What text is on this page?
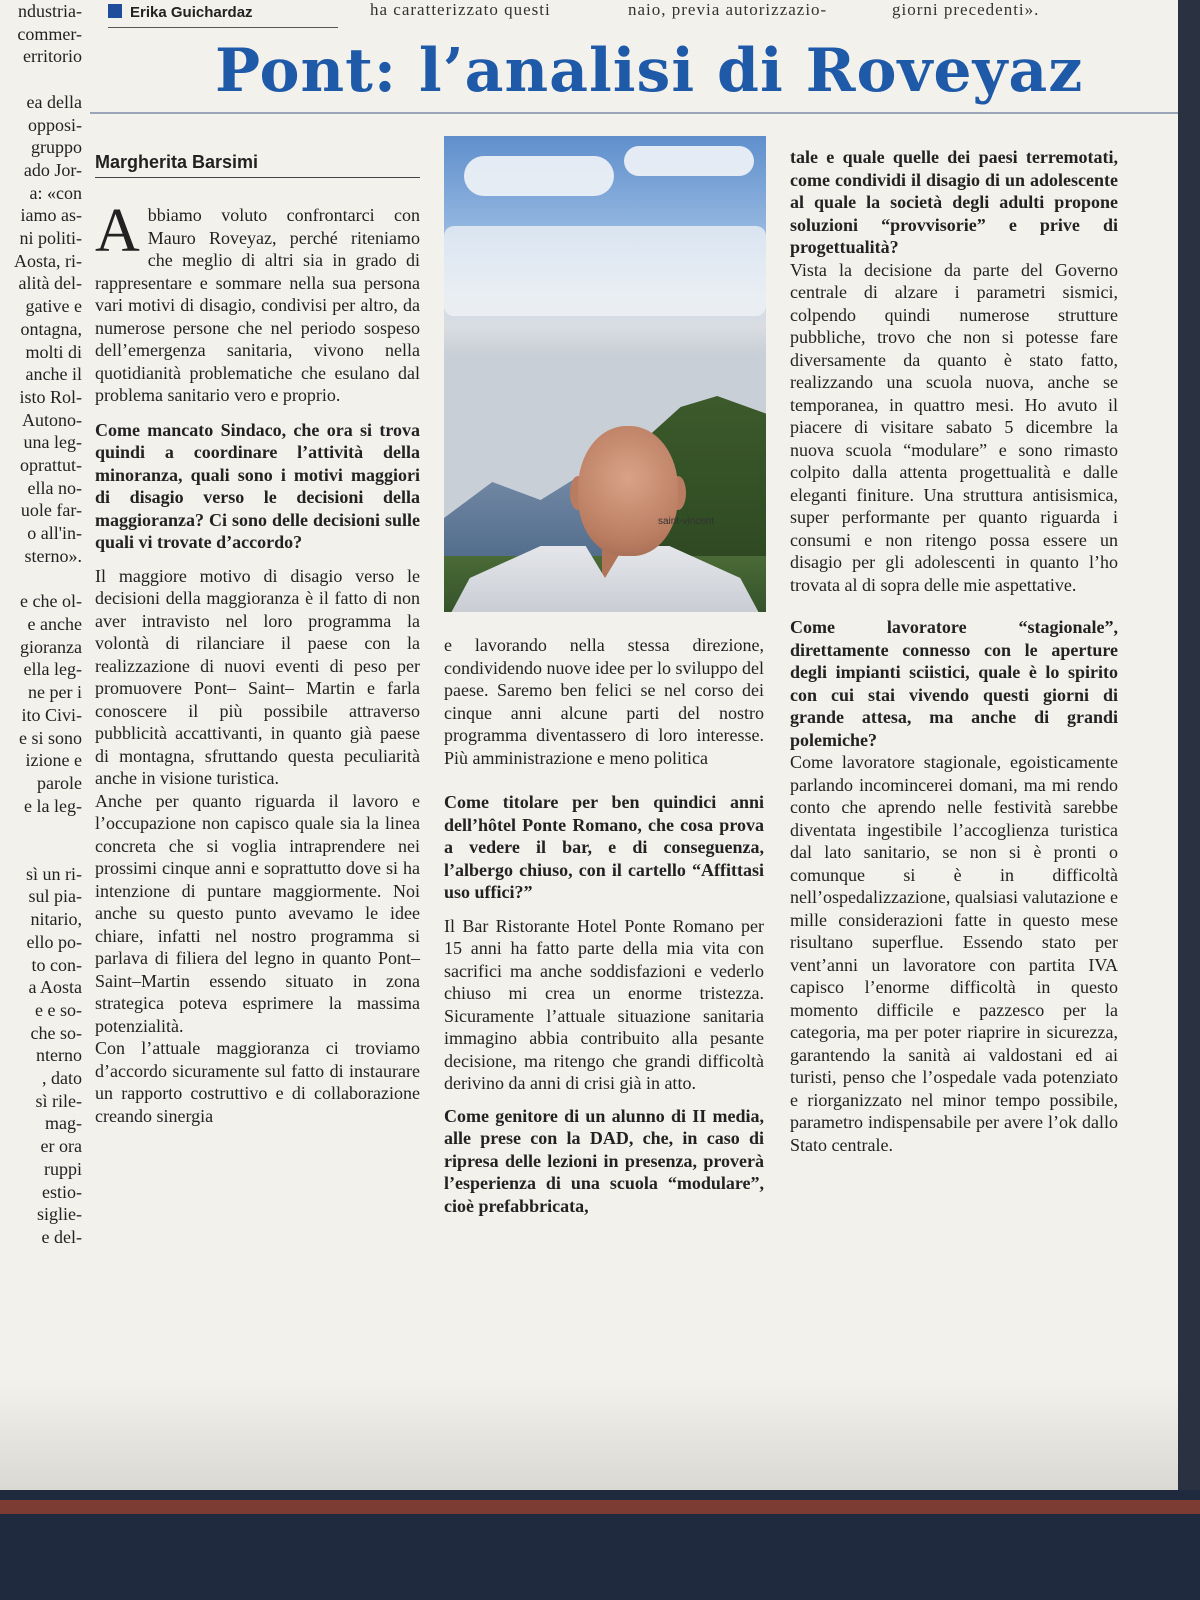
ha caratterizzato questi	naio, previa autorizzazio-	giorni precedenti».
Erika Guichardaz
ndustria-
commer-
erritorio

ea della
opposi-
gruppo
ado Jor-
a: «con
iamo as-
ni politi-
Aosta, ri-
alità del-
gative e
ontagna,
molti di
anche il
isto Rol-
Autono-
una leg-
oprattut-
ella no-
uole far-
o all'in-
sterno».

e che ol-
e anche
gioranza
ella leg-
ne per i
ito Civi-
e si sono
izione e
parole
e la leg-

sì un ri-
sul pia-
nitario,
ello po-
to con-
a Aosta
e e so-
che so-
nterno
, dato
sì rile-
mag-
er ora
ruppi
estio-
siglie-
e del-
Pont: l’analisi di Roveyaz
Margherita Barsimi

Abbiamo voluto confrontarci con Mauro Roveyaz, perché riteniamo che meglio di altri sia in grado di rappresentare e sommare nella sua persona vari motivi di disagio, condivisi per altro, da numerose persone che nel periodo sospeso dell’emergenza sanitaria, vivono nella quotidianità problematiche che esulano dal problema sanitario vero e proprio.

Come mancato Sindaco, che ora si trova quindi a coordinare l’attività della minoranza, quali sono i motivi maggiori di disagio verso le decisioni della maggioranza? Ci sono delle decisioni sulle quali vi trovate d’accordo?

Il maggiore motivo di disagio verso le decisioni della maggioranza è il fatto di non aver intravisto nel loro programma la volontà di rilanciare il paese con la realizzazione di nuovi eventi di peso per promuovere Pont– Saint– Martin e farla conoscere il più possibile attraverso pubblicità accattivanti, in quanto già paese di montagna, sfruttando questa peculiarità anche in visione turistica.

Anche per quanto riguarda il lavoro e l’occupazione non capisco quale sia la linea concreta che si voglia intraprendere nei prossimi cinque anni e soprattutto dove si ha intenzione di puntare maggiormente. Noi anche su questo punto avevamo le idee chiare, infatti nel nostro programma si parlava di filiera del legno in quanto Pont–Saint–Martin essendo situato in zona strategica poteva esprimere la massima potenzialità.

Con l’attuale maggioranza ci troviamo d’accordo sicuramente sul fatto di instaurare un rapporto costruttivo e di collaborazione creando sinergia

saint-vincent

e lavorando nella stessa direzione, condividendo nuove idee per lo sviluppo del paese. Saremo ben felici se nel corso dei cinque anni alcune parti del nostro programma diventassero di loro interesse. Più amministrazione e meno politica

Come titolare per ben quindici anni dell’hôtel Ponte Romano, che cosa prova a vedere il bar, e di conseguenza, l’albergo chiuso, con il cartello “Affittasi uso uffici?”

Il Bar Ristorante Hotel Ponte Romano per 15 anni ha fatto parte della mia vita con sacrifici ma anche soddisfazioni e vederlo chiuso mi crea un enorme tristezza. Sicuramente l’attuale situazione sanitaria immagino abbia contribuito alla pesante decisione, ma ritengo che grandi difficoltà derivino da anni di crisi già in atto.

Come genitore di un alunno di II media, alle prese con la DAD, che, in caso di ripresa delle lezioni in presenza, proverà l’esperienza di una scuola “modulare”, cioè prefabbricata,

tale e quale quelle dei paesi terremotati, come condividi il disagio di un adolescente al quale la società degli adulti propone soluzioni “provvisorie” e prive di progettualità?

Vista la decisione da parte del Governo centrale di alzare i parametri sismici, colpendo quindi numerose strutture pubbliche, trovo che non si potesse fare diversamente da quanto è stato fatto, realizzando una scuola nuova, anche se temporanea, in quattro mesi. Ho avuto il piacere di visitare sabato 5 dicembre la nuova scuola “modulare” e sono rimasto colpito dalla attenta progettualità e dalle eleganti finiture. Una struttura antisismica, super performante per quanto riguarda i consumi e non ritengo possa essere un disagio per gli adolescenti in quanto l’ho trovata al di sopra delle mie aspettative.

Come lavoratore “stagionale”, direttamente connesso con le aperture degli impianti sciistici, quale è lo spirito con cui stai vivendo questi giorni di grande attesa, ma anche di grandi polemiche?

Come lavoratore stagionale, egoisticamente parlando incomincerei domani, ma mi rendo conto che aprendo nelle festività sarebbe diventata ingestibile l’accoglienza turistica dal lato sanitario, se non si è pronti o comunque si è in difficoltà nell’ospedalizzazione, qualsiasi valutazione e mille considerazioni fatte in questo mese risultano superflue. Essendo stato per vent’anni un lavoratore con partita IVA capisco l’enorme difficoltà in questo momento difficile e pazzesco per la categoria, ma per poter riaprire in sicurezza, garantendo la sanità ai valdostani ed ai turisti, penso che l’ospedale vada potenziato e riorganizzato nel minor tempo possibile, parametro indispensabile per avere l’ok dallo Stato centrale.
